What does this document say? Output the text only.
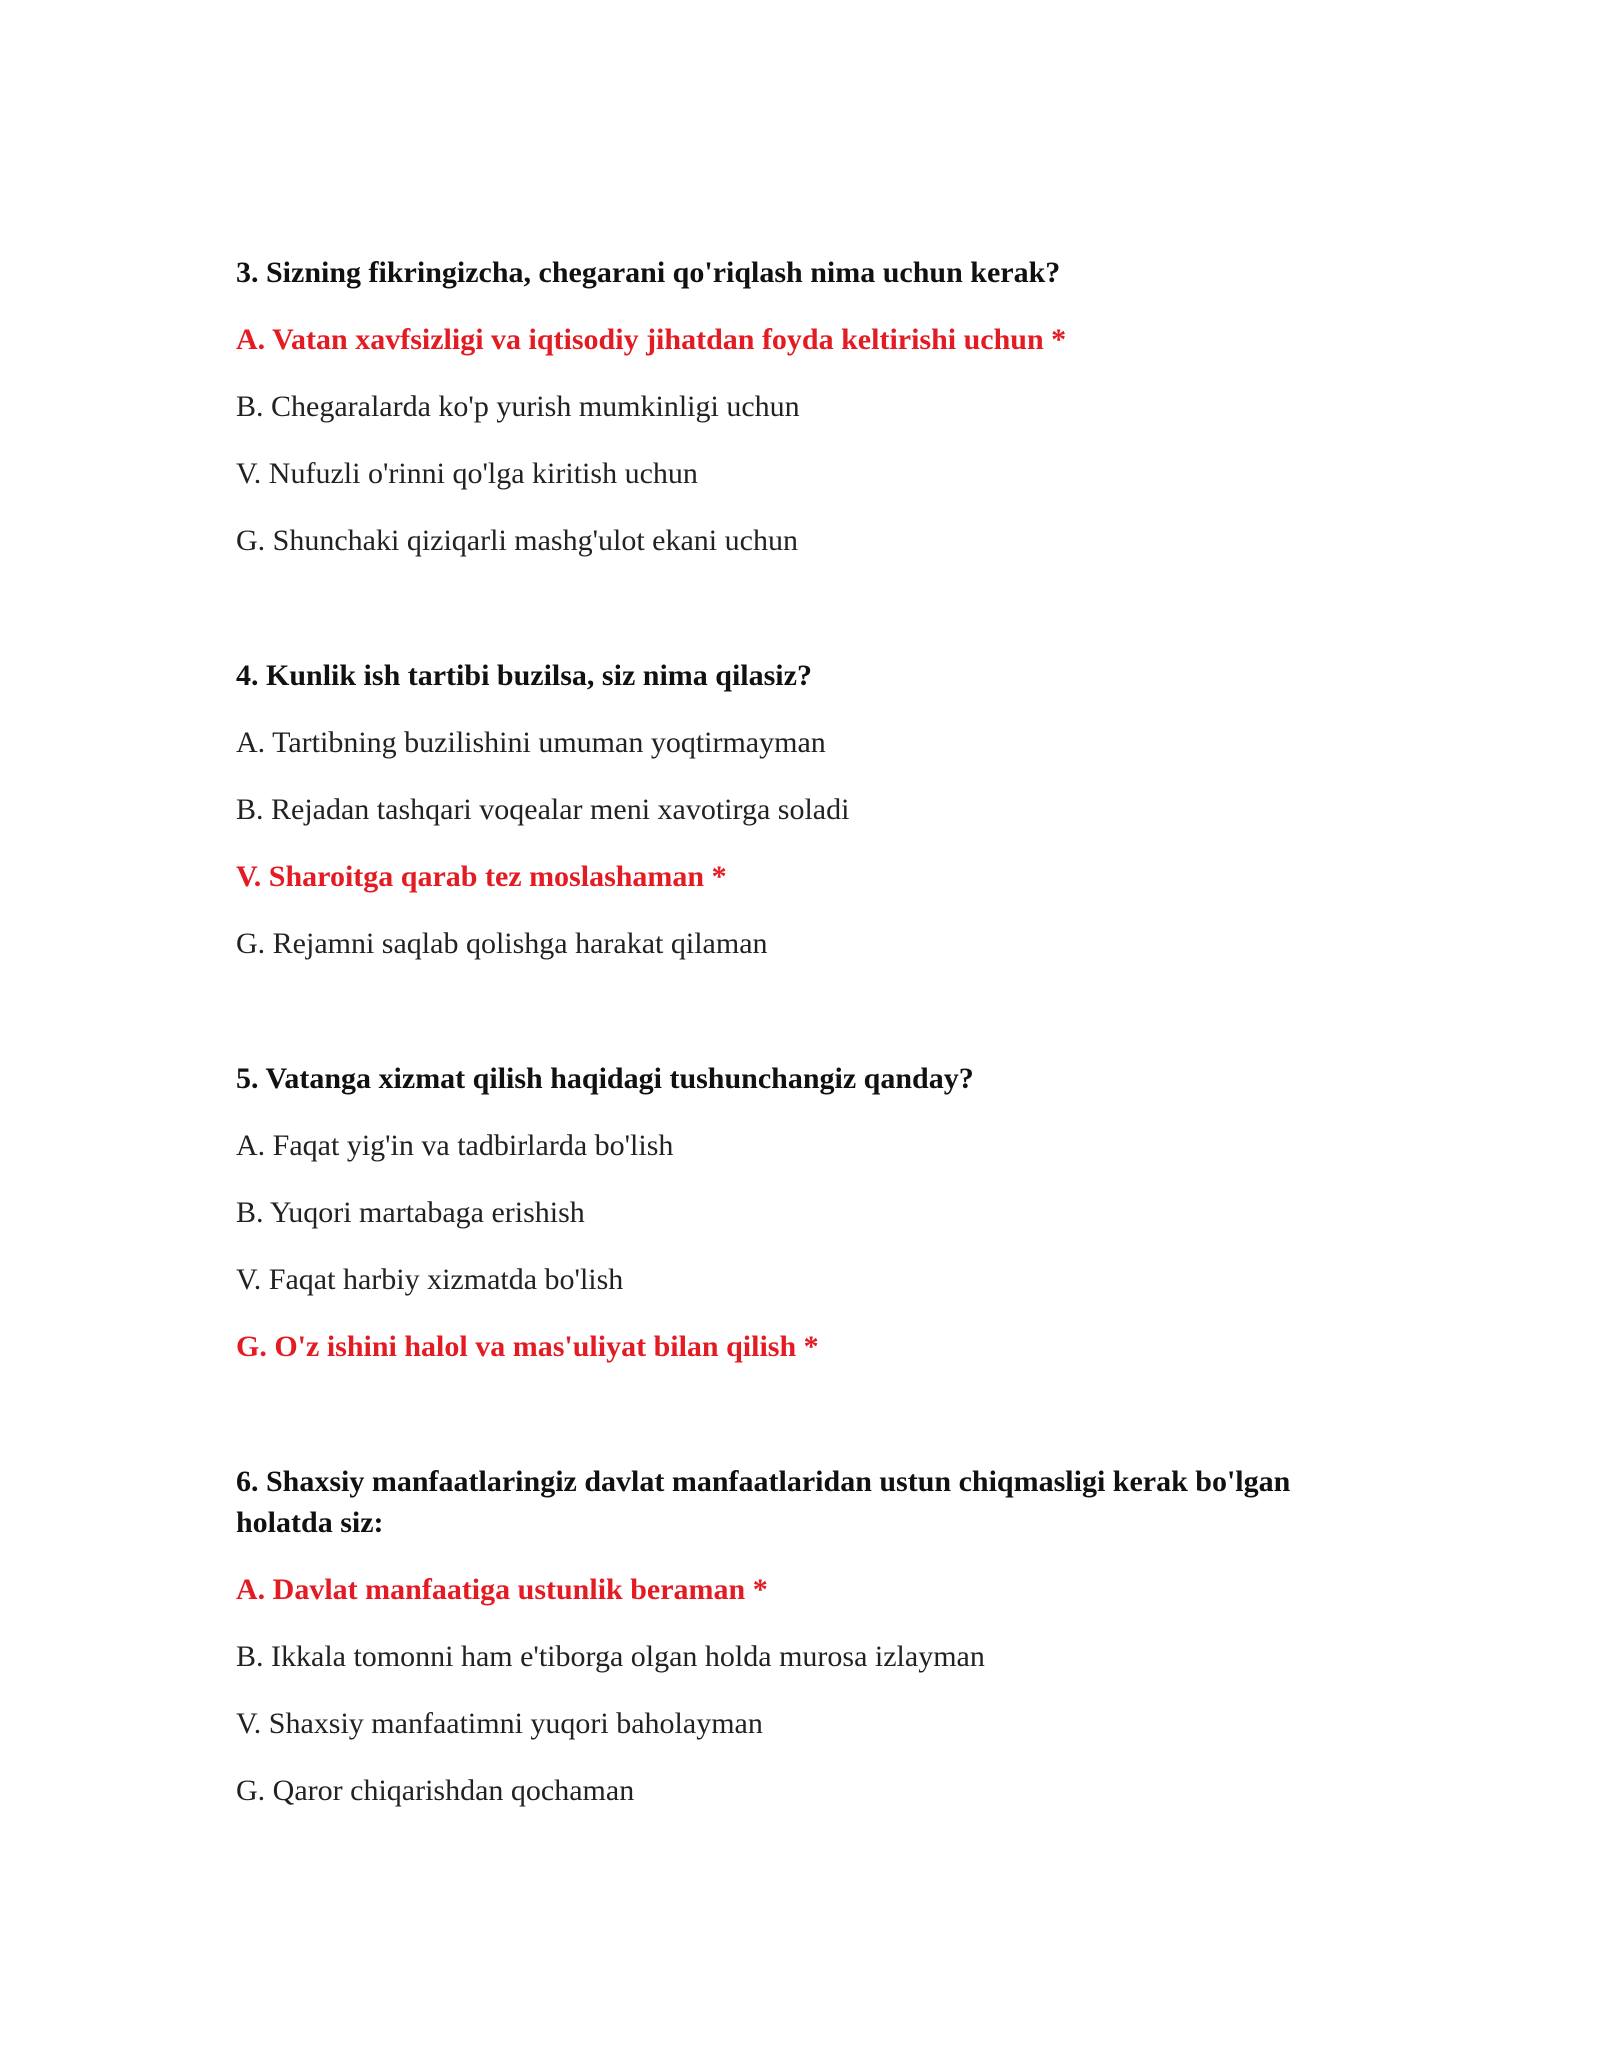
3. Sizning fikringizcha, chegarani qo'riqlash nima uchun kerak?

A. Vatan xavfsizligi va iqtisodiy jihatdan foyda keltirishi uchun *

B. Chegaralarda ko'p yurish mumkinligi uchun

V. Nufuzli o'rinni qo'lga kiritish uchun

G. Shunchaki qiziqarli mashg'ulot ekani uchun

4. Kunlik ish tartibi buzilsa, siz nima qilasiz?

A. Tartibning buzilishini umuman yoqtirmayman

B. Rejadan tashqari voqealar meni xavotirga soladi

V. Sharoitga qarab tez moslashaman *

G. Rejamni saqlab qolishga harakat qilaman

5. Vatanga xizmat qilish haqidagi tushunchangiz qanday?

A. Faqat yig'in va tadbirlarda bo'lish

B. Yuqori martabaga erishish

V. Faqat harbiy xizmatda bo'lish

G. O'z ishini halol va mas'uliyat bilan qilish *

6. Shaxsiy manfaatlaringiz davlat manfaatlaridan ustun chiqmasligi kerak bo'lgan holatda siz:

A. Davlat manfaatiga ustunlik beraman *

B. Ikkala tomonni ham e'tiborga olgan holda murosa izlayman

V. Shaxsiy manfaatimni yuqori baholayman

G. Qaror chiqarishdan qochaman
